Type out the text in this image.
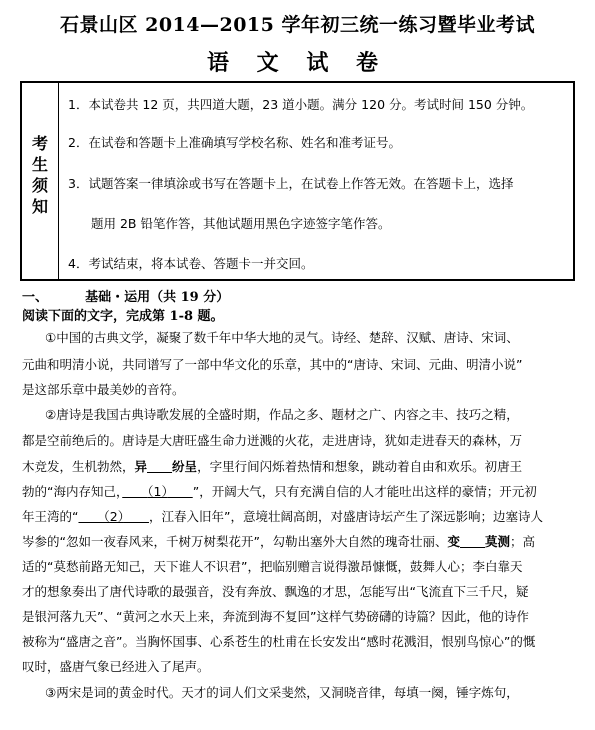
石景山区 2014—2015 学年初三统一练习暨毕业考试
语 文 试 卷
考
生
须
知
1．本试卷共 12 页，共四道大题，23 道小题。满分 120 分。考试时间 150 分钟。
2．在试卷和答题卡上准确填写学校名称、姓名和准考证号。
3．试题答案一律填涂或书写在答题卡上，在试卷上作答无效。在答题卡上，选择
题用 2B 铅笔作答，其他试题用黑色字迹签字笔作答。
4．考试结束，将本试卷、答题卡一并交回。
一、	基础・运用（共 19 分）
阅读下面的文字，完成第 1-8 题。
①中国的古典文学，凝聚了数千年中华大地的灵气。诗经、楚辞、汉赋、唐诗、宋词、
元曲和明清小说，共同谱写了一部中华文化的乐章，其中的“唐诗、宋词、元曲、明清小说”
是这部乐章中最美妙的音符。
②唐诗是我国古典诗歌发展的全盛时期，作品之多、题材之广、内容之丰、技巧之精，
都是空前绝后的。唐诗是大唐旺盛生命力迸溅的火花，走进唐诗，犹如走进春天的森林，万
木竞发，生机勃然，异　　 纷呈，字里行间闪烁着热情和想象，跳动着自由和欢乐。初唐王
勃的“海内存知己，　　 （1）　　 ”，开阔大气，只有充满自信的人才能吐出这样的豪情；开元初
年王湾的“　　 （2）　　 ，江春入旧年”，意境壮阔高朗，对盛唐诗坛产生了深远影响；边塞诗人
岑参的“忽如一夜春风来，千树万树梨花开”，勾勒出塞外大自然的瑰奇壮丽、变　　 莫测；高
适的“莫愁前路无知己，天下谁人不识君”，把临别赠言说得激昂慷慨，鼓舞人心；李白靠天
才的想象奏出了唐代诗歌的最强音，没有奔放、飘逸的才思，怎能写出“飞流直下三千尺，疑
是银河落九天”、“黄河之水天上来，奔流到海不复回”这样气势磅礴的诗篇？因此，他的诗作
被称为“盛唐之音”。当胸怀国事、心系苍生的杜甫在长安发出“感时花溅泪，恨别鸟惊心”的慨
叹时，盛唐气象已经进入了尾声。
③两宋是词的黄金时代。天才的词人们文采斐然，又洞晓音律，每填一阕，锤字炼句，
